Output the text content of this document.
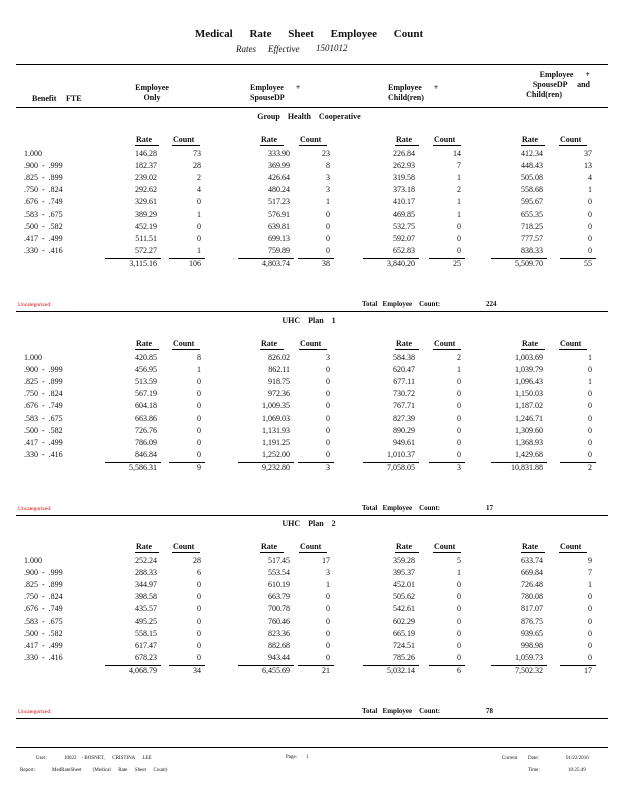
Medical Rate Sheet Employee Count
Rates Effective 1501012
Benefit FTE
Employee
Only
Employee      +
SpouseDP
Employee      +
Child(ren)
Employee      +
SpouseDP     and
Child(ren)
Group    Health    Cooperative
Rate	Count	Rate	Count	Rate	Count	Rate	Count
1.000	146.28	73	333.90	23	226.84	14	412.34	37
.900  -  .999	182.37	28	369.99	8	262.93	7	448.43	13
.825  -  .899	239.02	2	426.64	3	319.58	1	505.08	4
.750  -  .824	292.62	4	480.24	3	373.18	2	558.68	1
.676  -  .749	329.61	0	517.23	1	410.17	1	595.67	0
.583  -  .675	389.29	1	576.91	0	469.85	1	655.35	0
.500  -  .582	452.19	0	639.81	0	532.75	0	718.25	0
.417  -  .499	511.51	0	699.13	0	592.07	0	777.57	0
.330  -  .416	572.27	1	759.89	0	652.83	0	838.33	0
3,115.16	106	4,803.74	38	3,840.20	25	5,509.70	55
Uncategorized:	Total   Employee    Count:	224
UHC    Plan    1
Rate	Count	Rate	Count	Rate	Count	Rate	Count
1.000	420.85	8	826.02	3	584.38	2	1,003.69	1
.900  -  .999	456.95	1	862.11	0	620.47	1	1,039.79	0
.825  -  .899	513.59	0	918.75	0	677.11	0	1,096.43	1
.750  -  .824	567.19	0	972.36	0	730.72	0	1,150.03	0
.676  -  .749	604.18	0	1,009.35	0	767.71	0	1,187.02	0
.583  -  .675	663.86	0	1,069.03	0	827.39	0	1,246.71	0
.500  -  .582	726.76	0	1,131.93	0	890.29	0	1,309.60	0
.417  -  .499	786.09	0	1,191.25	0	949.61	0	1,368.93	0
.330  -  .416	846.84	0	1,252.00	0	1,010.37	0	1,429.68	0
5,586.31	9	9,232.80	3	7,058.05	3	10,831.88	2
Uncategorized:	Total   Employee    Count:	17
UHC    Plan    2
Rate	Count	Rate	Count	Rate	Count	Rate	Count
1.000	252.24	28	517.45	17	359.28	5	633.74	9
.900  -  .999	288.33	6	553.54	3	395.37	1	669.84	7
.825  -  .899	344.97	0	610.19	1	452.01	0	726.48	1
.750  -  .824	398.58	0	663.79	0	505.62	0	780.08	0
.676  -  .749	435.57	0	700.78	0	542.61	0	817.07	0
.583  -  .675	495.25	0	760.46	0	602.29	0	876.75	0
.500  -  .582	558.15	0	823.36	0	665.19	0	939.65	0
.417  -  .499	617.47	0	882.68	0	724.51	0	998.98	0
.330  -  .416	678.23	0	943.44	0	785.26	0	1,059.73	0
4,068.79	34	6,455.69	21	5,032.14	6	7,502.32	17
Uncategorized:	Total   Employee    Count:	78
User:	10022    - BOSNET,      CRISTINA      LEE
Report:	MedRateSheet         (Medical      Rate      Sheet      Count)
Page: 1	Current Date:	01/22/2016
Time:	10:25:49
